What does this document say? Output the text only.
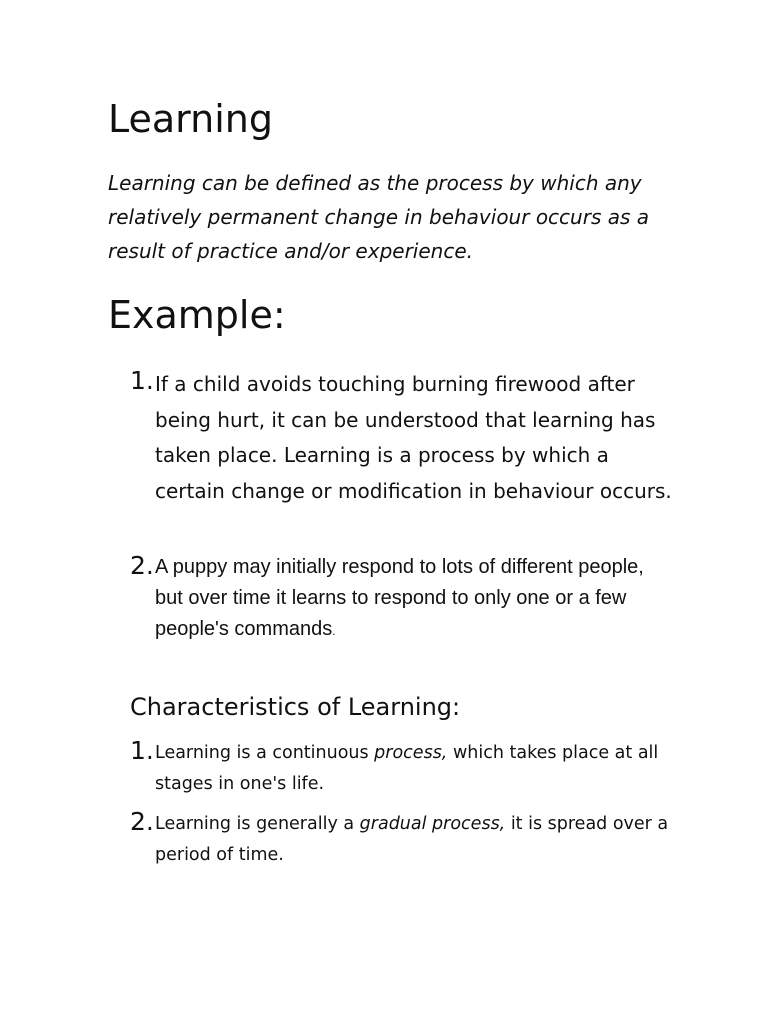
Learning

Learning can be defined as the process by which any relatively permanent change in behaviour occurs as a result of practice and/or experience.

Example:
1. If a child avoids touching burning firewood after being hurt, it can be understood that learning has taken place. Learning is a process by which a certain change or modification in behaviour occurs.

2. A puppy may initially respond to lots of different people, but over time it learns to respond to only one or a few people's commands.

Characteristics of Learning:
1. Learning is a continuous process, which takes place at all stages in one's life.

2. Learning is generally a gradual process, it is spread over a period of time.
